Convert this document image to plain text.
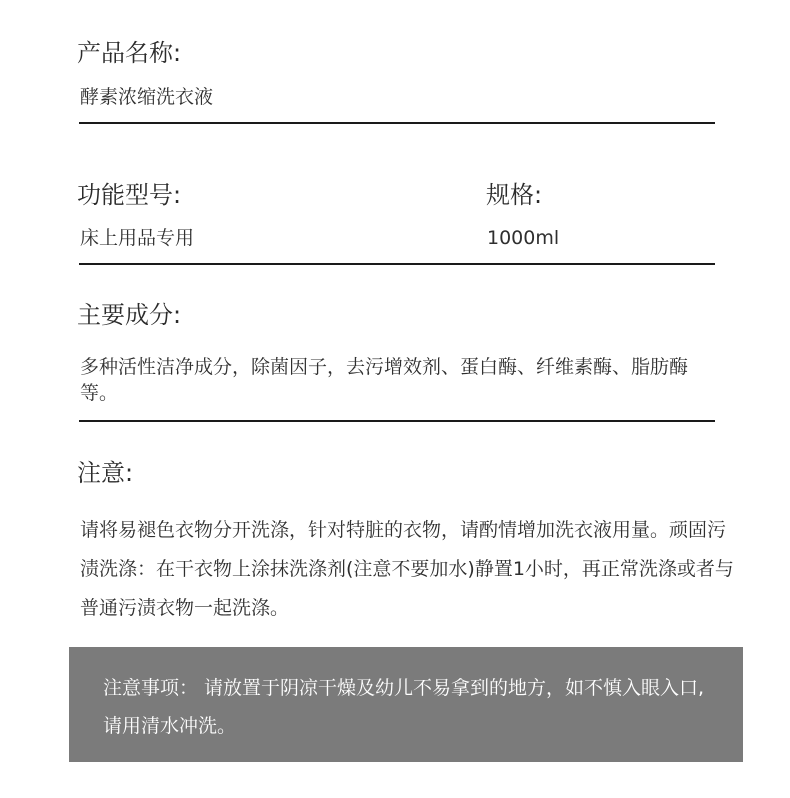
产品名称:
酵素浓缩洗衣液
功能型号:
床上用品专用
规格:
1000ml
主要成分:

多种活性洁净成分，除菌因子，去污增效剂、蛋白酶、纤维素酶、脂肪酶等。

注意:

请将易褪色衣物分开洗涤，针对特脏的衣物，请酌情增加洗衣液用量。顽固污渍洗涤：在干衣物上涂抹洗涤剂(注意不要加水)静置1小时，再正常洗涤或者与普通污渍衣物一起洗涤。

注意事项： 请放置于阴凉干燥及幼儿不易拿到的地方，如不慎入眼入口,请用清水冲洗。
